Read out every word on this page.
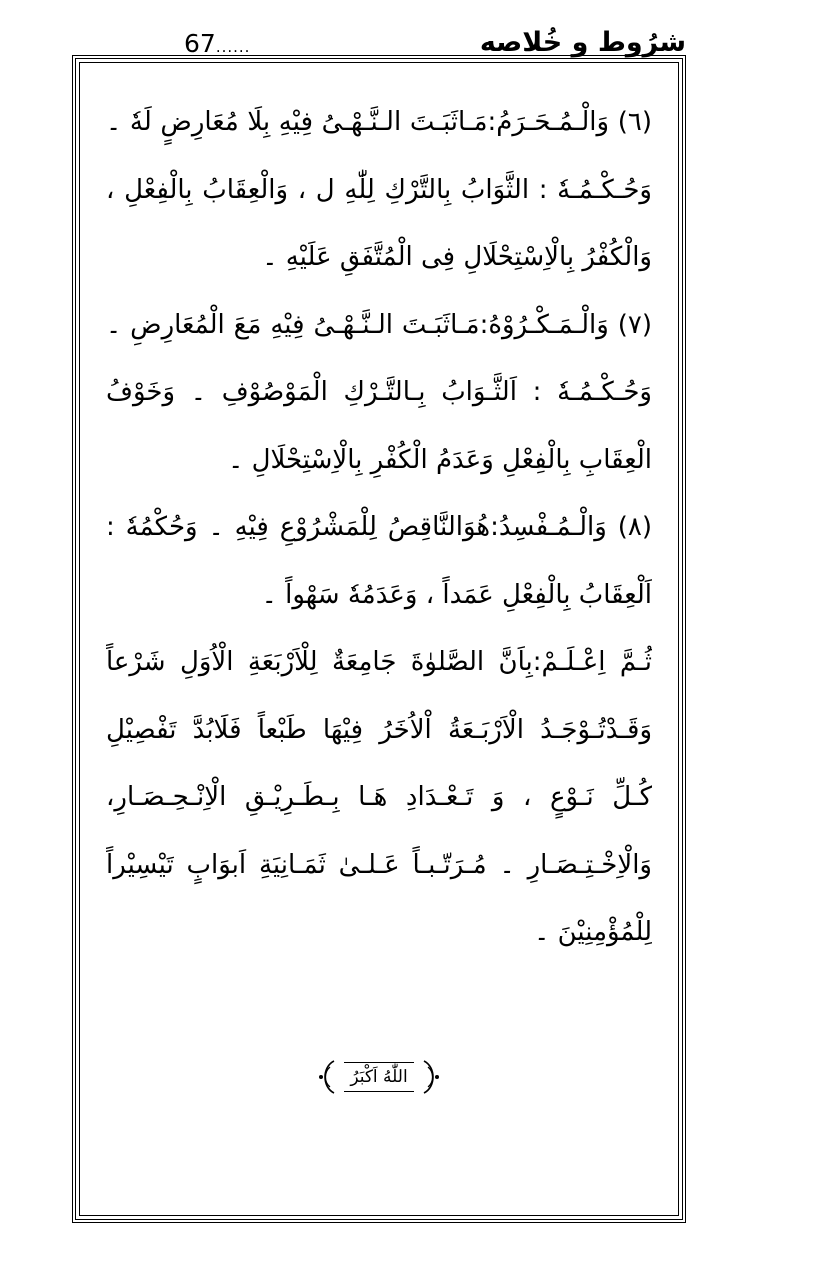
67......	شرُوط و خُلاصه
(٦) وَالْـمُـحَـرَمُ:مَـاثَبَـتَ الـنَّـهْـىُ فِيْهِ بِلَا مُعَارِضٍ لَهٗ ۔
وَحُـكْـمُـهٗ : الثَّوَابُ بِالتَّرْكِ لِلّٰهِ ل ، وَالْعِقَابُ بِالْفِعْلِ ،
وَالْكُفْرُ بِالْاِسْتِحْلَالِ فِى الْمُتَّفَقِ عَلَيْهِ ۔
(٧) وَالْـمَـكْـرُوْهُ:مَـاثَبَـتَ الـنَّـهْـىُ فِيْهِ مَعَ الْمُعَارِضِ ۔
وَحُـكْـمُـهٗ : اَلثَّـوَابُ بِـالتَّـرْكِ الْمَوْصُوْفِ ۔ وَخَوْفُ
الْعِقَابِ بِالْفِعْلِ وَعَدَمُ الْكُفْرِ بِالْاِسْتِحْلَالِ ۔
(٨) وَالْـمُـفْسِدُ:هُوَالنَّاقِصُ لِلْمَشْرُوْعِ فِيْهِ ۔ وَحُكْمُهٗ :
اَلْعِقَابُ بِالْفِعْلِ عَمَداً ، وَعَدَمُهٗ سَهْواً ۔
ثُـمَّ اِعْـلَـمْ:بِاَنَّ الصَّلوٰةَ جَامِعَةٌ لِلْاَرْبَعَةِ الْاُوَلِ شَرْعاً
وَقَـدْتُـوْجَـدُ الْاَرْبَـعَةُ اْلاُخَرُ فِيْهَا طَبْعاً فَلَابُدَّ تَفْصِيْلِ
كُـلِّ نَـوْعٍ ، وَ تَـعْـدَادِ هَـا بِـطَـرِيْـقِ الْاِنْـحِـصَـارِ،
وَالْاِخْـتِـصَـارِ ۔ مُـرَتّـبـاً عَـلـىٰ ثَمَـانِيَةِ اَبوَابٍ تَيْسِيْراً
لِلْمُؤْمِنِيْنَ ۔
اللّٰهُ اَكْبَرُ
